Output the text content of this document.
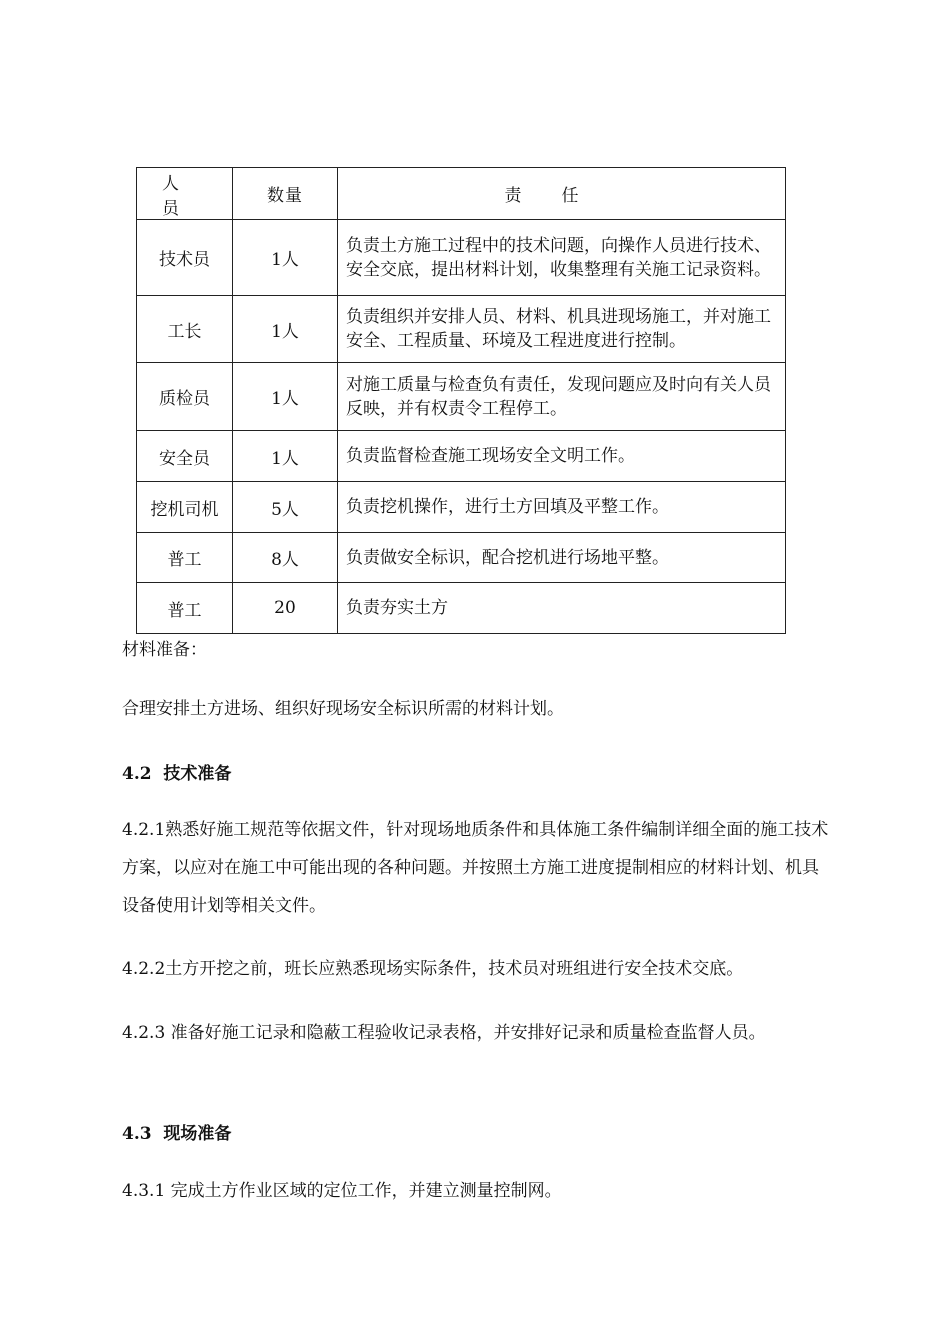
人员	数量	责任
技术员	1人	负责土方施工过程中的技术问题，向操作人员进行技术、安全交底，提出材料计划，收集整理有关施工记录资料。
工长	1人	负责组织并安排人员、材料、机具进现场施工，并对施工安全、工程质量、环境及工程进度进行控制。
质检员	1人	对施工质量与检查负有责任，发现问题应及时向有关人员反映，并有权责令工程停工。
安全员	1人	负责监督检查施工现场安全文明工作。
挖机司机	5人	负责挖机操作，进行土方回填及平整工作。
普工	8人	负责做安全标识，配合挖机进行场地平整。
普工	20	负责夯实土方

材料准备：

合理安排土方进场、组织好现场安全标识所需的材料计划。

4.2  技术准备

4.2.1熟悉好施工规范等依据文件，针对现场地质条件和具体施工条件编制详细全面的施工技术方案，以应对在施工中可能出现的各种问题。并按照土方施工进度提制相应的材料计划、机具设备使用计划等相关文件。

4.2.2土方开挖之前，班长应熟悉现场实际条件，技术员对班组进行安全技术交底。

4.2.3 准备好施工记录和隐蔽工程验收记录表格，并安排好记录和质量检查监督人员。

4.3  现场准备

4.3.1 完成土方作业区域的定位工作，并建立测量控制网。
